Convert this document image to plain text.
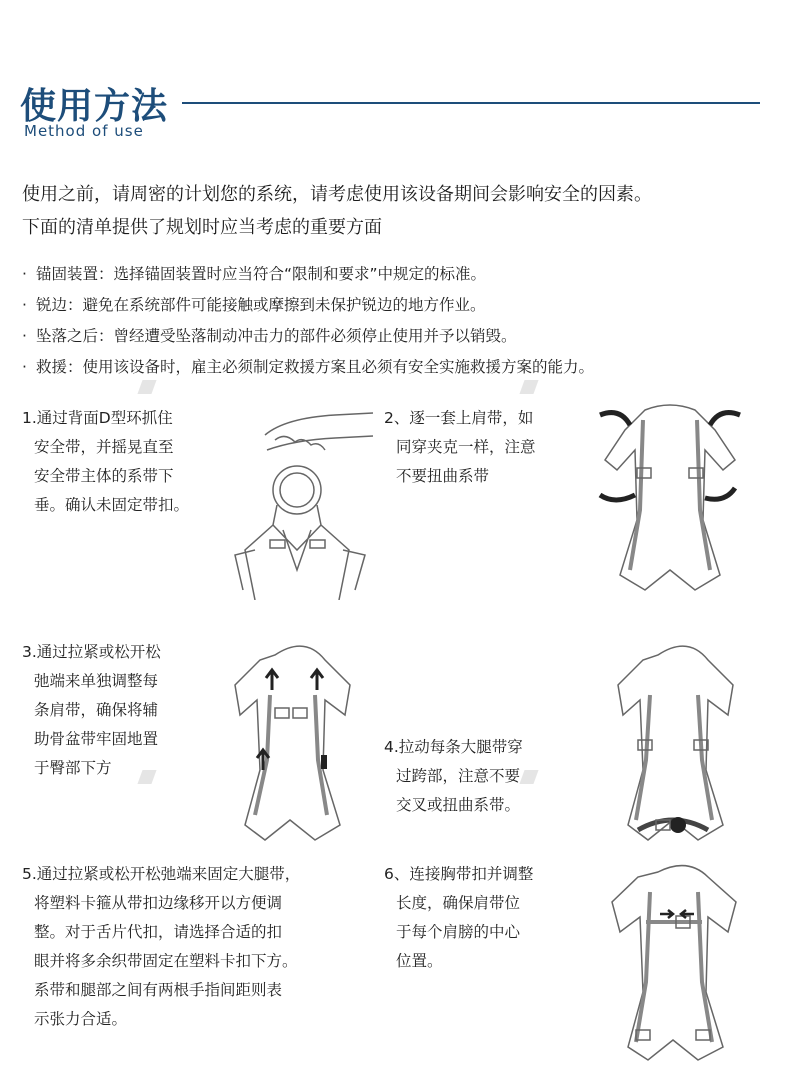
使用方法
Method of use
使用之前，请周密的计划您的系统，请考虑使用该设备期间会影响安全的因素。
下面的清单提供了规划时应当考虑的重要方面
· 锚固装置：选择锚固装置时应当符合“限制和要求”中规定的标准。
· 锐边：避免在系统部件可能接触或摩擦到未保护锐边的地方作业。
· 坠落之后：曾经遭受坠落制动冲击力的部件必须停止使用并予以销毁。
· 救援：使用该设备时，雇主必须制定救援方案且必须有安全实施救援方案的能力。
1.通过背面D型环抓住
安全带，并摇晃直至
安全带主体的系带下
垂。确认未固定带扣。
2、逐一套上肩带，如
同穿夹克一样，注意
不要扭曲系带
3.通过拉紧或松开松
弛端来单独调整每
条肩带，确保将辅
助骨盆带牢固地置
于臀部下方
4.拉动每条大腿带穿
过跨部，注意不要
交叉或扭曲系带。
5.通过拉紧或松开松弛端来固定大腿带，
将塑料卡箍从带扣边缘移开以方便调
整。对于舌片代扣，请选择合适的扣
眼并将多余织带固定在塑料卡扣下方。
系带和腿部之间有两根手指间距则表
示张力合适。
6、连接胸带扣并调整
长度，确保肩带位
于每个肩膀的中心
位置。
